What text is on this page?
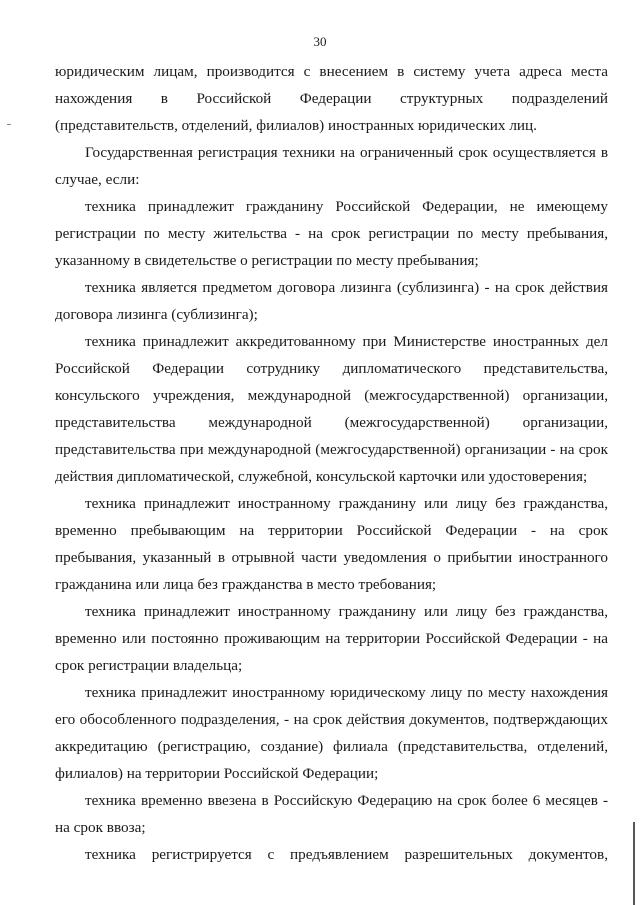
30

юридическим лицам, производится с внесением в систему учета адреса места нахождения в Российской Федерации структурных подразделений (представительств, отделений, филиалов) иностранных юридических лиц.

Государственная регистрация техники на ограниченный срок осуществляется в случае, если:

техника принадлежит гражданину Российской Федерации, не имеющему регистрации по месту жительства - на срок регистрации по месту пребывания, указанному в свидетельстве о регистрации по месту пребывания;

техника является предметом договора лизинга (сублизинга) - на срок действия договора лизинга (сублизинга);

техника принадлежит аккредитованному при Министерстве иностранных дел Российской Федерации сотруднику дипломатического представительства, консульского учреждения, международной (межгосударственной) организации, представительства международной (межгосударственной) организации, представительства при международной (межгосударственной) организации - на срок действия дипломатической, служебной, консульской карточки или удостоверения;

техника принадлежит иностранному гражданину или лицу без гражданства, временно пребывающим на территории Российской Федерации - на срок пребывания, указанный в отрывной части уведомления о прибытии иностранного гражданина или лица без гражданства в место требования;

техника принадлежит иностранному гражданину или лицу без гражданства, временно или постоянно проживающим на территории Российской Федерации - на срок регистрации владельца;

техника принадлежит иностранному юридическому лицу по месту нахождения его обособленного подразделения, - на срок действия документов, подтверждающих аккредитацию (регистрацию, создание) филиала (представительства, отделений, филиалов) на территории Российской Федерации;

техника временно ввезена в Российскую Федерацию на срок более 6 месяцев - на срок ввоза;

техника регистрируется с предъявлением разрешительных документов,
